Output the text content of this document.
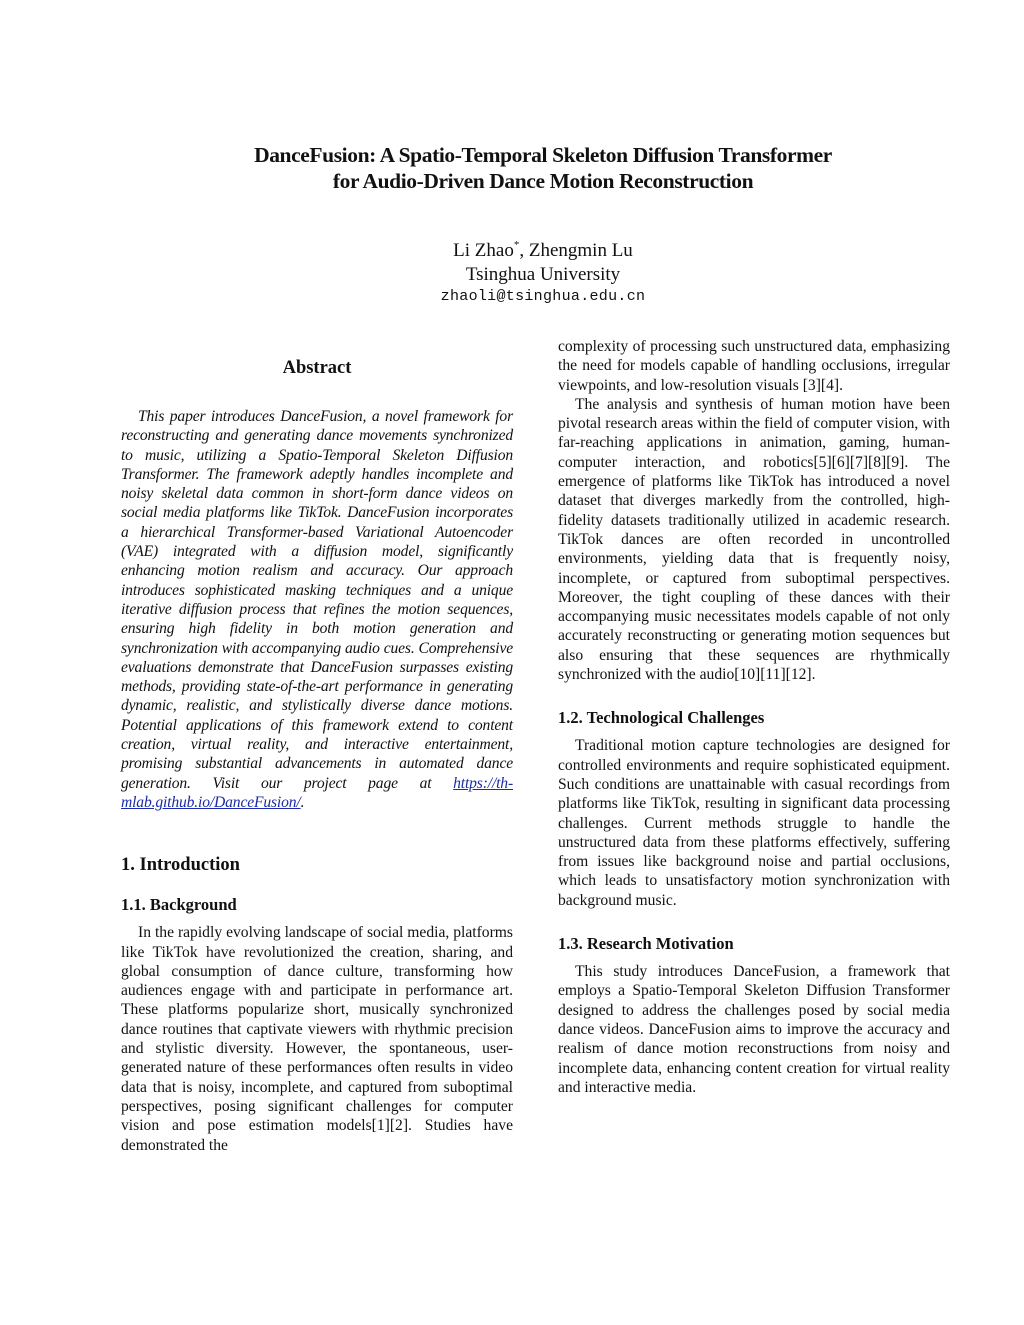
DanceFusion: A Spatio-Temporal Skeleton Diffusion Transformer
for Audio-Driven Dance Motion Reconstruction
Li Zhao*, Zhengmin Lu
Tsinghua University
zhaoli@tsinghua.edu.cn
Abstract

This paper introduces DanceFusion, a novel framework for reconstructing and generating dance movements synchronized to music, utilizing a Spatio-Temporal Skeleton Diffusion Transformer. The framework adeptly handles incomplete and noisy skeletal data common in short-form dance videos on social media platforms like TikTok. DanceFusion incorporates a hierarchical Transformer-based Variational Autoencoder (VAE) integrated with a diffusion model, significantly enhancing motion realism and accuracy. Our approach introduces sophisticated masking techniques and a unique iterative diffusion process that refines the motion sequences, ensuring high fidelity in both motion generation and synchronization with accompanying audio cues. Comprehensive evaluations demonstrate that DanceFusion surpasses existing methods, providing state-of-the-art performance in generating dynamic, realistic, and stylistically diverse dance motions. Potential applications of this framework extend to content creation, virtual reality, and interactive entertainment, promising substantial advancements in automated dance generation. Visit our project page at https://th-mlab.github.io/DanceFusion/.

1. Introduction
1.1. Background

In the rapidly evolving landscape of social media, platforms like TikTok have revolutionized the creation, sharing, and global consumption of dance culture, transforming how audiences engage with and participate in performance art. These platforms popularize short, musically synchronized dance routines that captivate viewers with rhythmic precision and stylistic diversity. However, the spontaneous, user-generated nature of these performances often results in video data that is noisy, incomplete, and captured from suboptimal perspectives, posing significant challenges for computer vision and pose estimation models[1][2]. Studies have demonstrated the

complexity of processing such unstructured data, emphasizing the need for models capable of handling occlusions, irregular viewpoints, and low-resolution visuals [3][4].

The analysis and synthesis of human motion have been pivotal research areas within the field of computer vision, with far-reaching applications in animation, gaming, human-computer interaction, and robotics[5][6][7][8][9]. The emergence of platforms like TikTok has introduced a novel dataset that diverges markedly from the controlled, high-fidelity datasets traditionally utilized in academic research. TikTok dances are often recorded in uncontrolled environments, yielding data that is frequently noisy, incomplete, or captured from suboptimal perspectives. Moreover, the tight coupling of these dances with their accompanying music necessitates models capable of not only accurately reconstructing or generating motion sequences but also ensuring that these sequences are rhythmically synchronized with the audio[10][11][12].

1.2. Technological Challenges

Traditional motion capture technologies are designed for controlled environments and require sophisticated equipment. Such conditions are unattainable with casual recordings from platforms like TikTok, resulting in significant data processing challenges. Current methods struggle to handle the unstructured data from these platforms effectively, suffering from issues like background noise and partial occlusions, which leads to unsatisfactory motion synchronization with background music.

1.3. Research Motivation

This study introduces DanceFusion, a framework that employs a Spatio-Temporal Skeleton Diffusion Transformer designed to address the challenges posed by social media dance videos. DanceFusion aims to improve the accuracy and realism of dance motion reconstructions from noisy and incomplete data, enhancing content creation for virtual reality and interactive media.
